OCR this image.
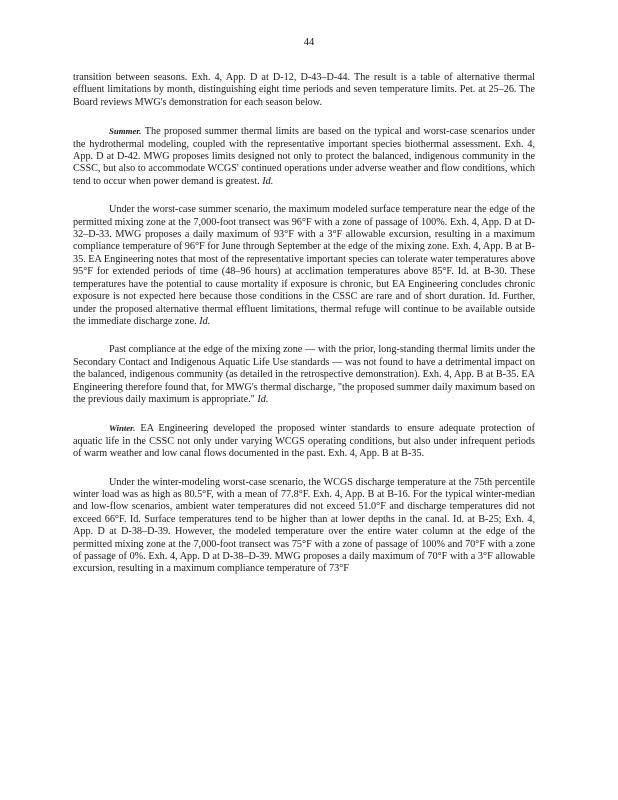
44

transition between seasons. Exh. 4, App. D at D-12, D-43–D-44. The result is a table of alternative thermal effluent limitations by month, distinguishing eight time periods and seven temperature limits. Pet. at 25–26. The Board reviews MWG's demonstration for each season below.

Summer. The proposed summer thermal limits are based on the typical and worst-case scenarios under the hydrothermal modeling, coupled with the representative important species biothermal assessment. Exh. 4, App. D at D-42. MWG proposes limits designed not only to protect the balanced, indigenous community in the CSSC, but also to accommodate WCGS' continued operations under adverse weather and flow conditions, which tend to occur when power demand is greatest. Id.

Under the worst-case summer scenario, the maximum modeled surface temperature near the edge of the permitted mixing zone at the 7,000-foot transect was 96°F with a zone of passage of 100%. Exh. 4, App. D at D-32–D-33. MWG proposes a daily maximum of 93°F with a 3°F allowable excursion, resulting in a maximum compliance temperature of 96°F for June through September at the edge of the mixing zone. Exh. 4, App. B at B-35. EA Engineering notes that most of the representative important species can tolerate water temperatures above 95°F for extended periods of time (48–96 hours) at acclimation temperatures above 85°F. Id. at B-30. These temperatures have the potential to cause mortality if exposure is chronic, but EA Engineering concludes chronic exposure is not expected here because those conditions in the CSSC are rare and of short duration. Id. Further, under the proposed alternative thermal effluent limitations, thermal refuge will continue to be available outside the immediate discharge zone. Id.

Past compliance at the edge of the mixing zone — with the prior, long-standing thermal limits under the Secondary Contact and Indigenous Aquatic Life Use standards — was not found to have a detrimental impact on the balanced, indigenous community (as detailed in the retrospective demonstration). Exh. 4, App. B at B-35. EA Engineering therefore found that, for MWG's thermal discharge, "the proposed summer daily maximum based on the previous daily maximum is appropriate." Id.

Winter. EA Engineering developed the proposed winter standards to ensure adequate protection of aquatic life in the CSSC not only under varying WCGS operating conditions, but also under infrequent periods of warm weather and low canal flows documented in the past. Exh. 4, App. B at B-35.

Under the winter-modeling worst-case scenario, the WCGS discharge temperature at the 75th percentile winter load was as high as 80.5°F, with a mean of 77.8°F. Exh. 4, App. B at B-16. For the typical winter-median and low-flow scenarios, ambient water temperatures did not exceed 51.0°F and discharge temperatures did not exceed 66°F. Id. Surface temperatures tend to be higher than at lower depths in the canal. Id. at B-25; Exh. 4, App. D at D-38–D-39. However, the modeled temperature over the entire water column at the edge of the permitted mixing zone at the 7,000-foot transect was 75°F with a zone of passage of 100% and 70°F with a zone of passage of 0%. Exh. 4, App. D at D-38–D-39. MWG proposes a daily maximum of 70°F with a 3°F allowable excursion, resulting in a maximum compliance temperature of 73°F
